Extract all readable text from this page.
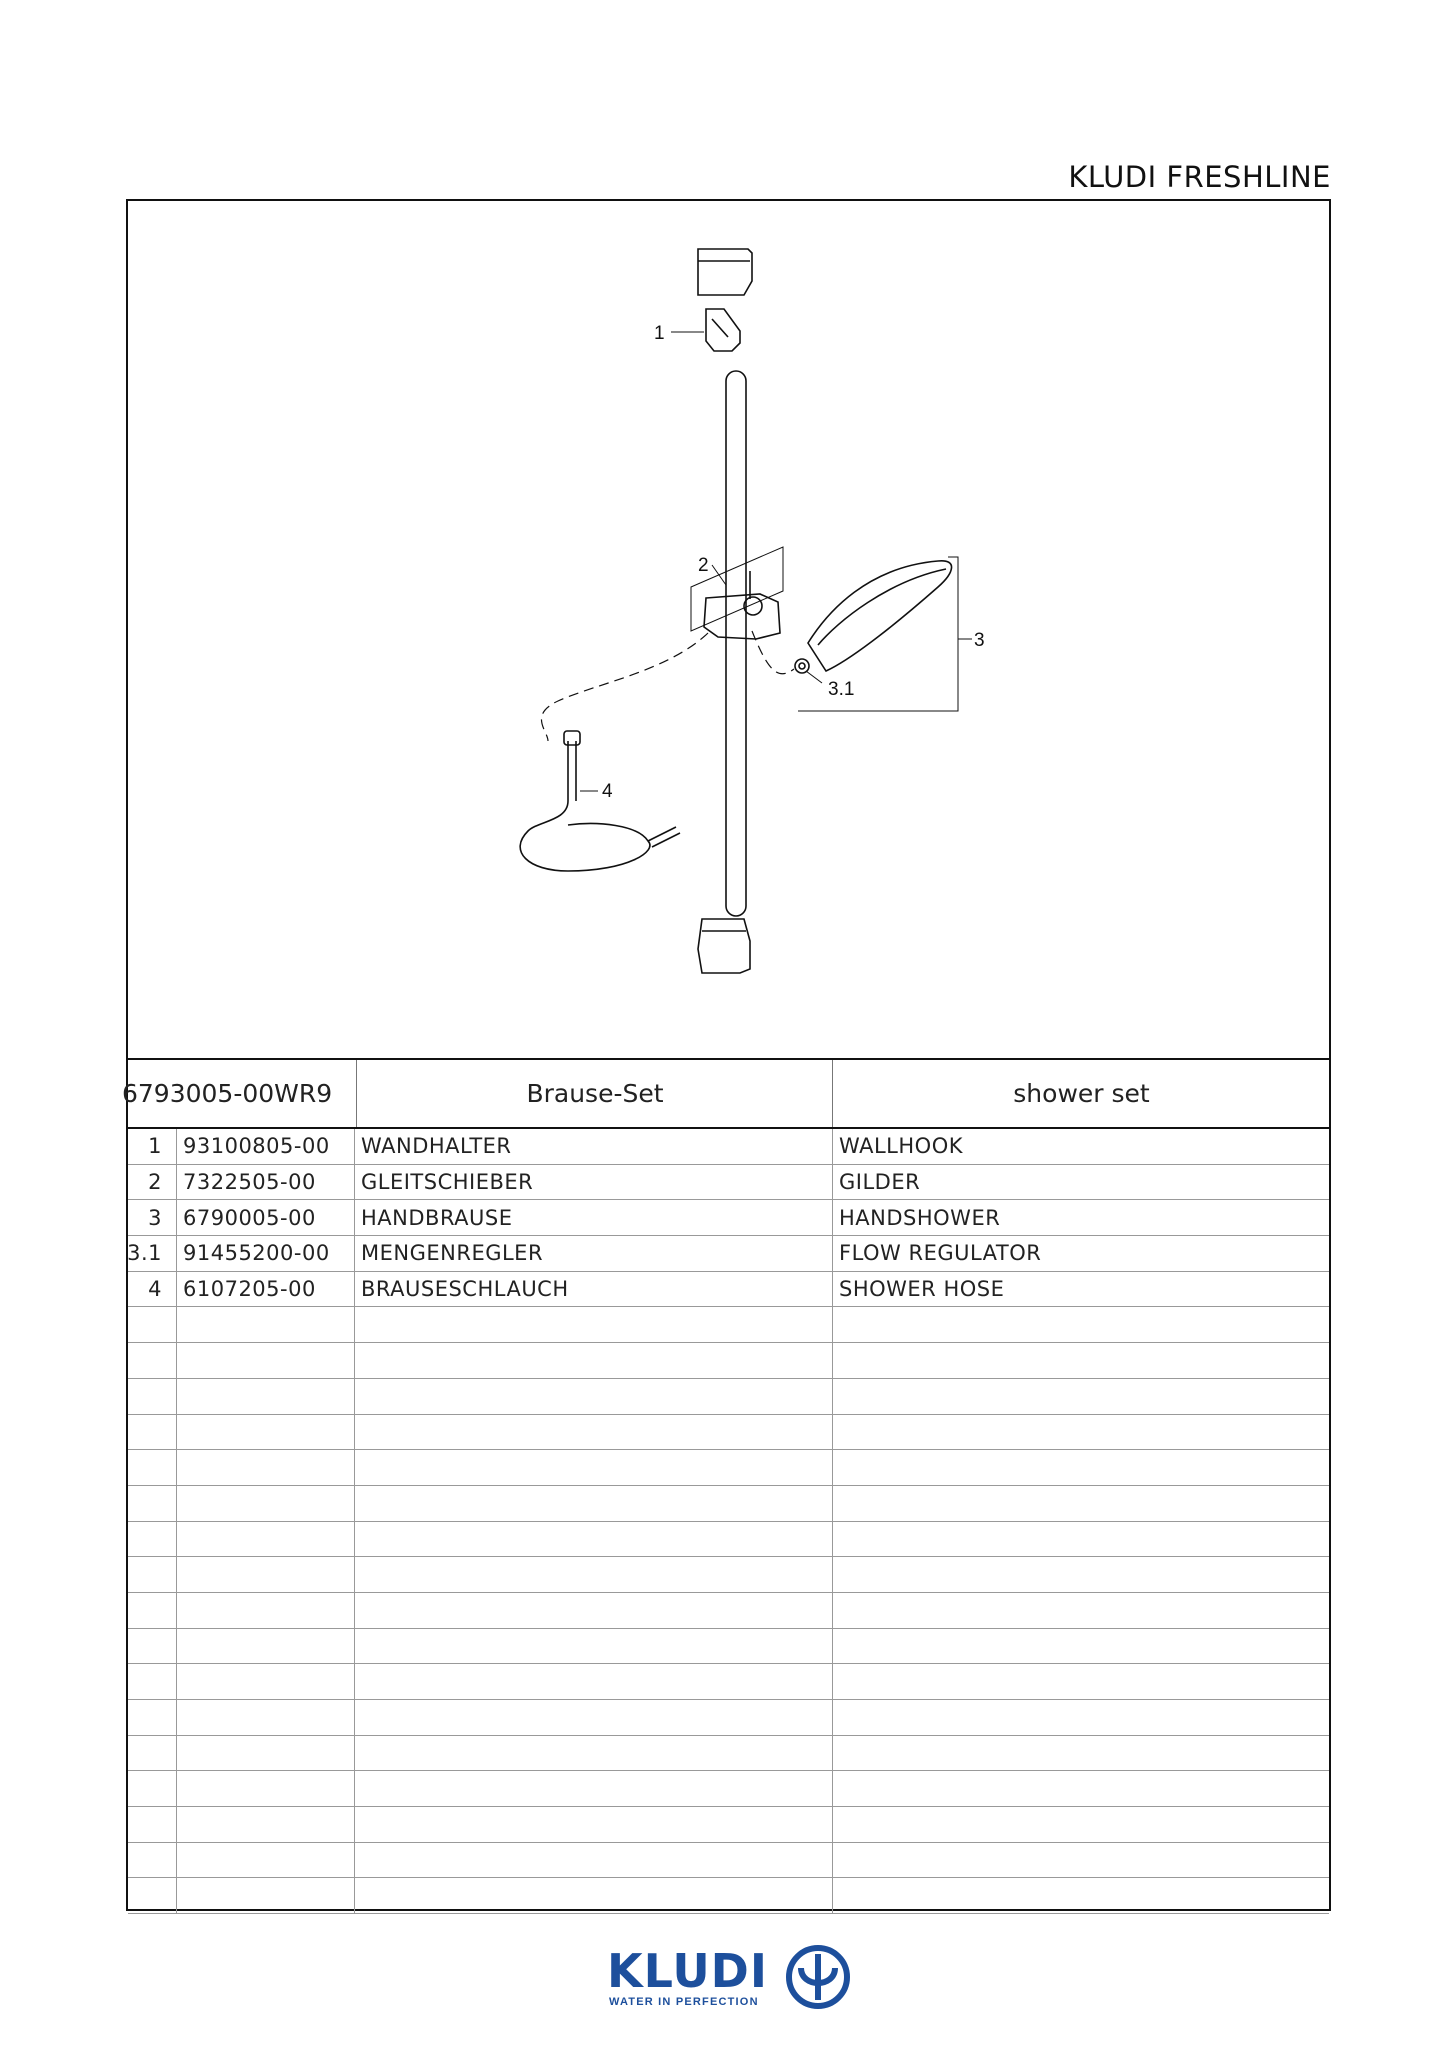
KLUDI FRESHLINE
1
2
3
3.1
4
6793005-00WR9	Brause-Set	shower set
1	93100805-00	WANDHALTER	WALLHOOK
2	7322505-00	GLEITSCHIEBER	GILDER
3	6790005-00	HANDBRAUSE	HANDSHOWER
3.1	91455200-00	MENGENREGLER	FLOW REGULATOR
4	6107205-00	BRAUSESCHLAUCH	SHOWER HOSE
KLUDI
WATER IN PERFECTION
